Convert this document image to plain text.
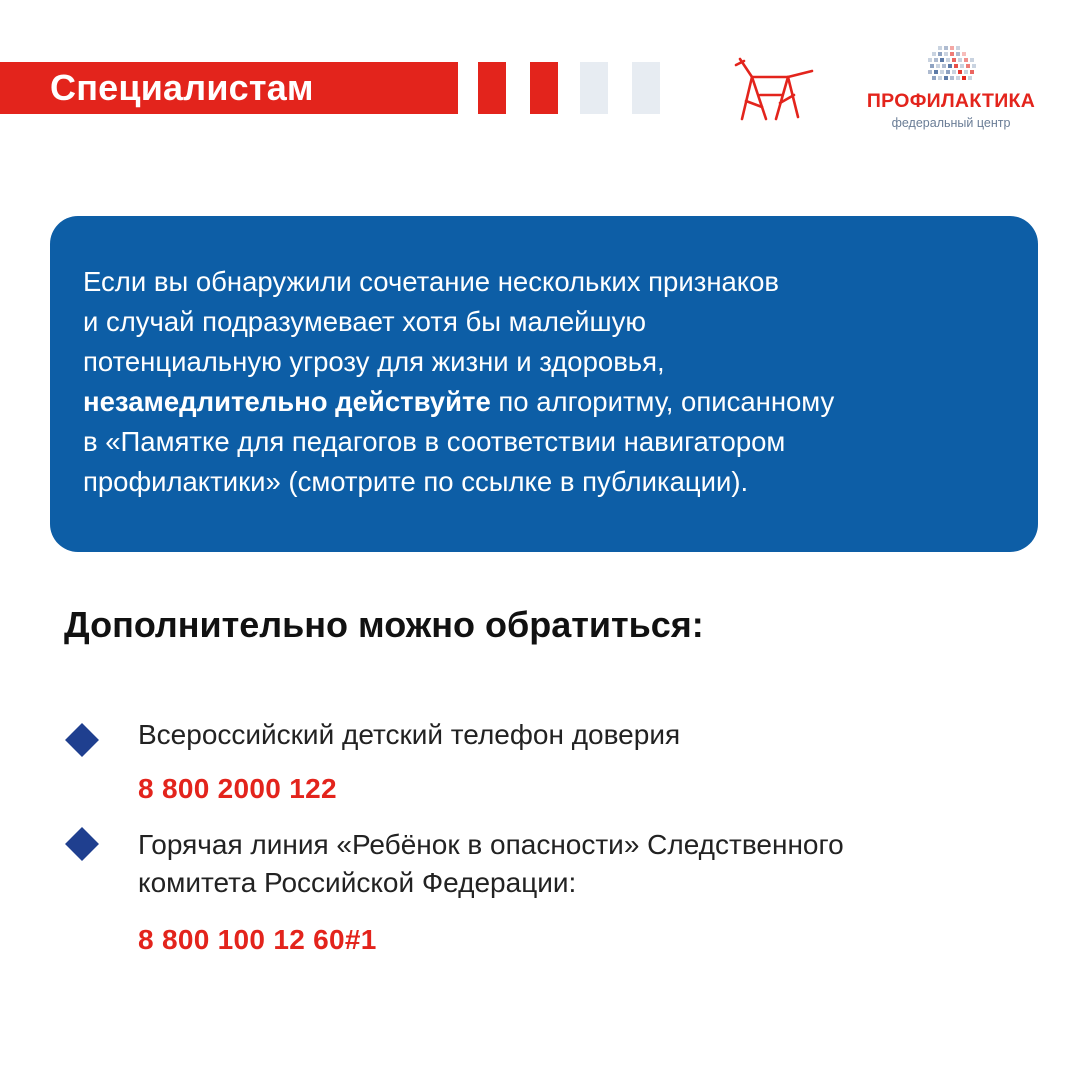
Специалистам	ПРОФИЛАКТИКА
федеральный центр
Если вы обнаружили сочетание нескольких признаков
и случай подразумевает хотя бы малейшую
потенциальную угрозу для жизни и здоровья,
незамедлительно действуйте по алгоритму, описанному
в «Памятке для педагогов в соответствии навигатором
профилактики» (смотрите по ссылке в публикации).
Дополнительно можно обратиться:
Всероссийский детский телефон доверия
8 800 2000 122
Горячая линия «Ребёнок в опасности» Следственного
комитета Российской Федерации:
8 800 100 12 60#1
